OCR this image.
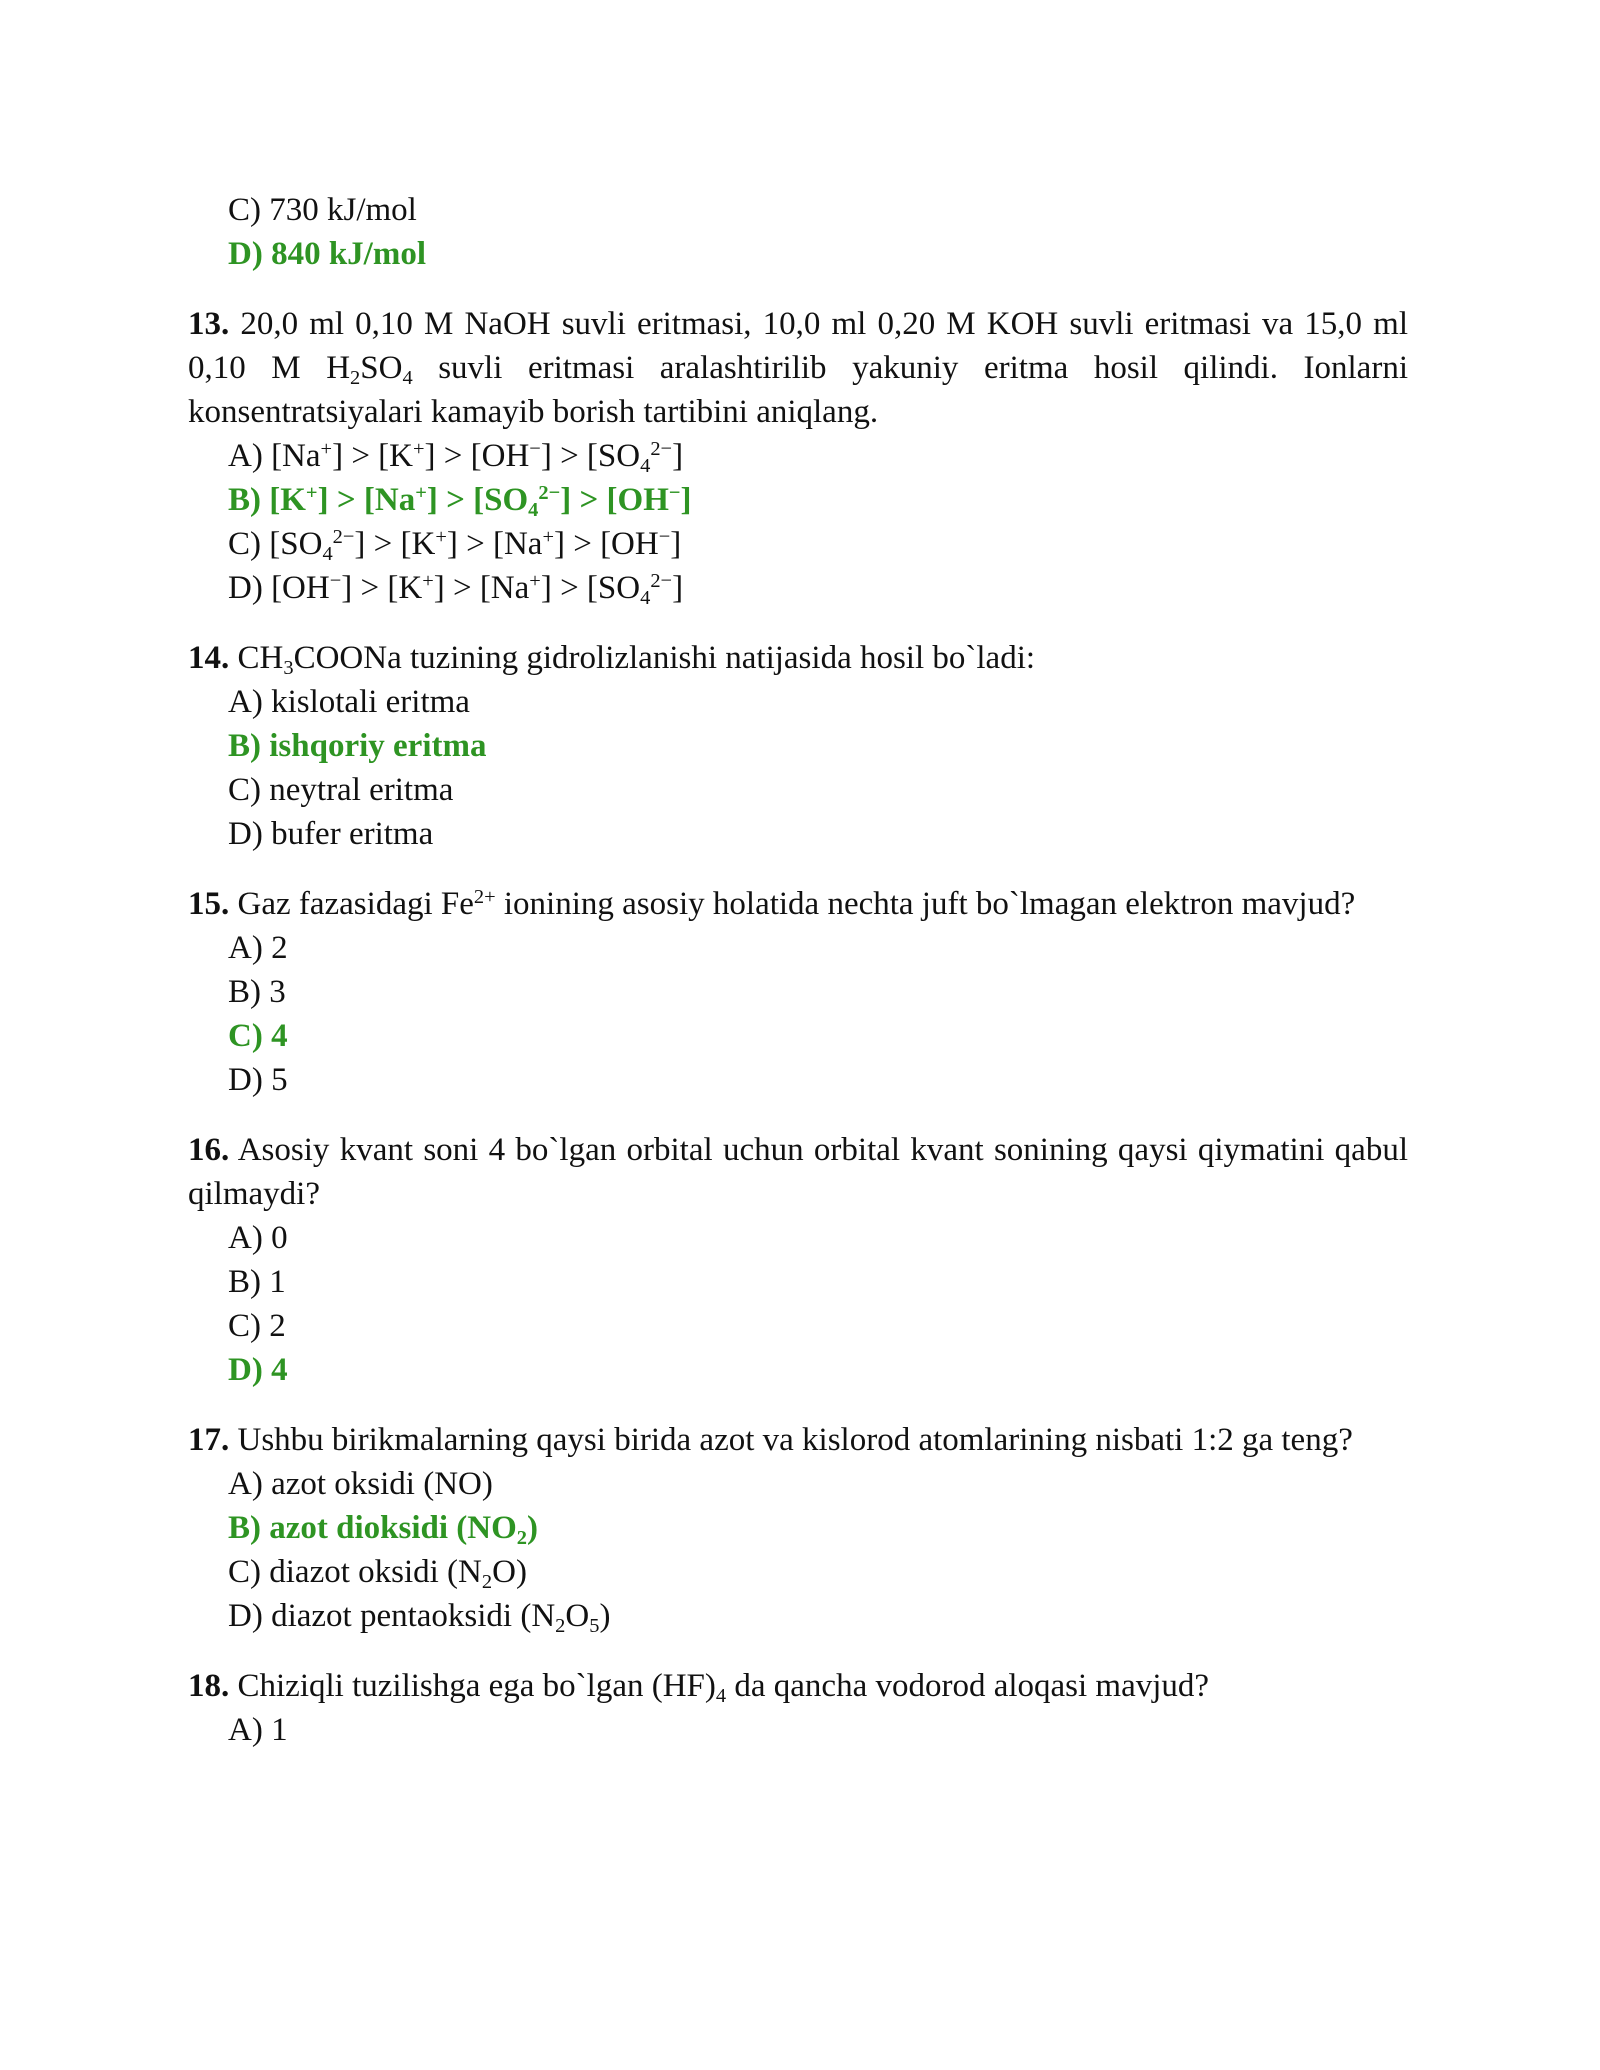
C) 730 kJ/mol
D) 840 kJ/mol
13. 20,0 ml 0,10 M NaOH suvli eritmasi, 10,0 ml 0,20 M KOH suvli eritmasi va 15,0 ml 0,10 M $H_2SO_4$ suvli eritmasi aralashtirilib yakuniy eritma hosil qilindi. Ionlarni konsentratsiyalari kamayib borish tartibini aniqlang.
A) $[Na^+] > [K^+] > [OH^-] > [SO_4^{2-}]$
B) $[K^+] > [Na^+] > [SO_4^{2-}] > [OH^-]$
C) $[SO_4^{2-}] > [K^+] > [Na^+] > [OH^-]$
D) $[OH^-] > [K^+] > [Na^+] > [SO_4^{2-}]$
14. $CH_3COONa$ tuzining gidrolizlanishi natijasida hosil bo`ladi:
A) kislotali eritma
B) ishqoriy eritma
C) neytral eritma
D) bufer eritma
15. Gaz fazasidagi $Fe^{2+}$ ionining asosiy holatida nechta juft bo`lmagan elektron mavjud?
A) 2
B) 3
C) 4
D) 5
16. Asosiy kvant soni 4 bo`lgan orbital uchun orbital kvant sonining qaysi qiymatini qabul qilmaydi?
A) 0
B) 1
C) 2
D) 4
17. Ushbu birikmalarning qaysi birida azot va kislorod atomlarining nisbati 1:2 ga teng?
A) azot oksidi (NO)
B) azot dioksidi $(NO_2)$
C) diazot oksidi $(N_2O)$
D) diazot pentaoksidi $(N_2O_5)$
18. Chiziqli tuzilishga ega bo`lgan $(HF)_4$ da qancha vodorod aloqasi mavjud?
A) 1
